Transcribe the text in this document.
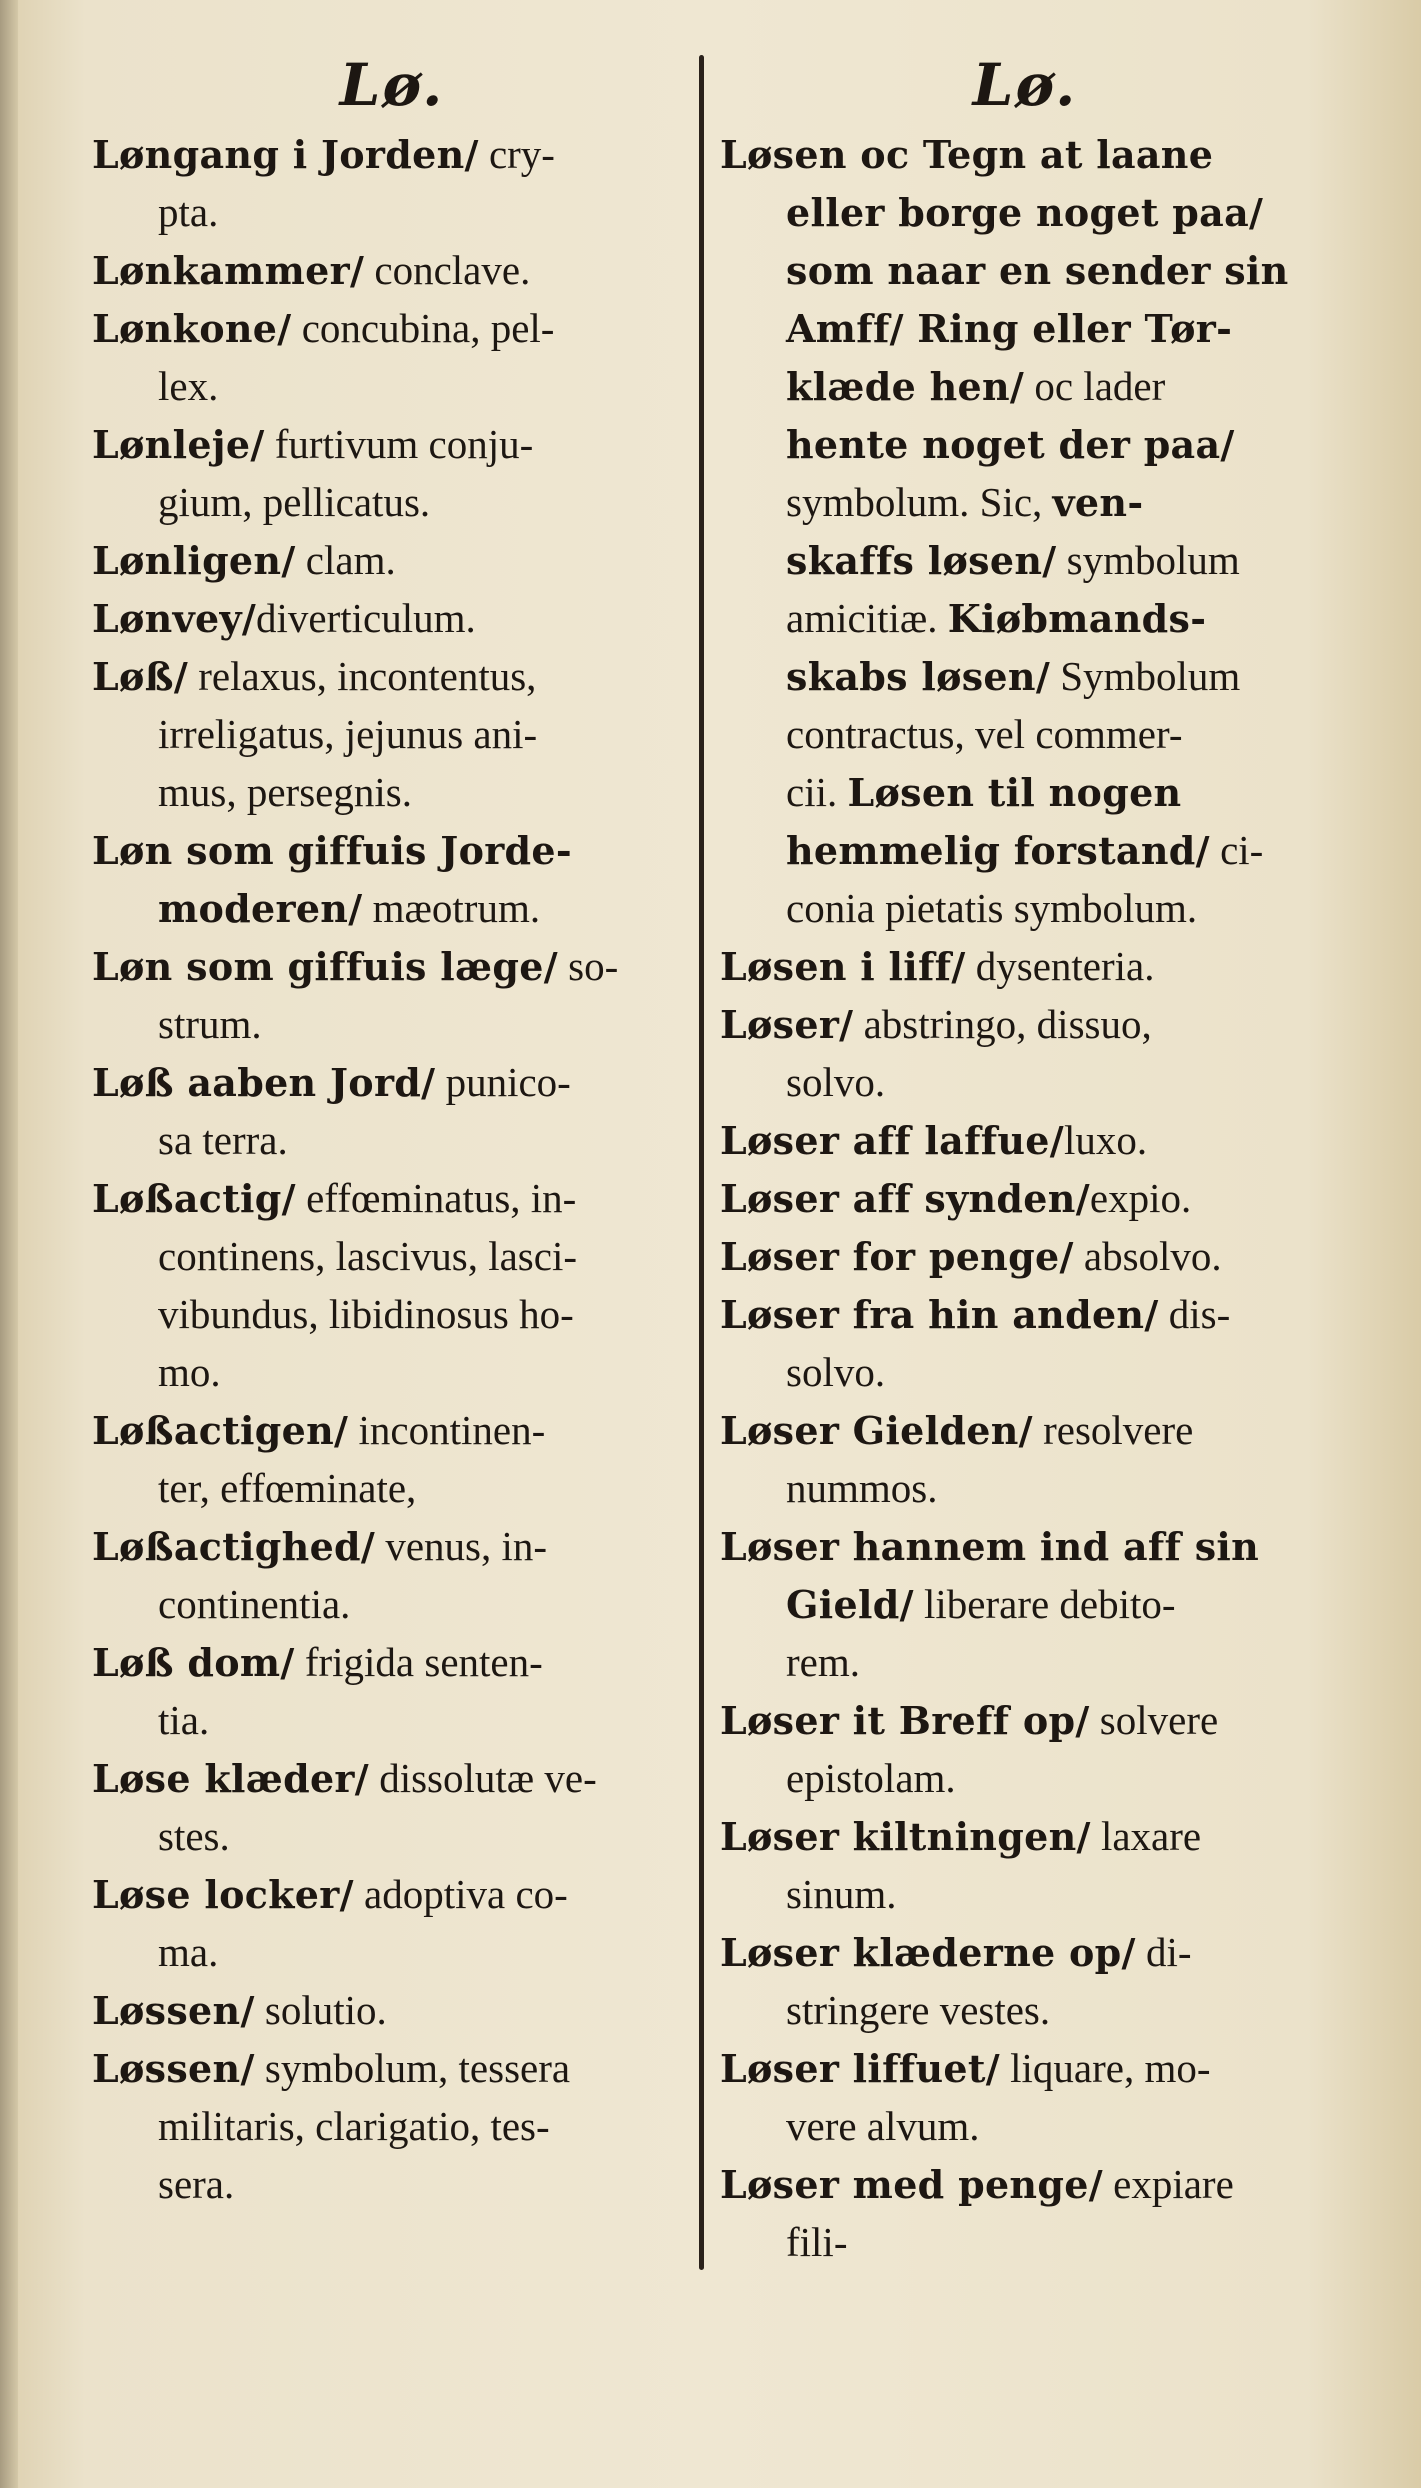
Lø.
Løngang i Jorden/ cry-
pta.
Lønkammer/ conclave.
Lønkone/ concubina, pel-
lex.
Lønleje/ furtivum conju-
gium, pellicatus.
Lønligen/ clam.
Lønvey/diverticulum.
Løß/ relaxus, incontentus,
irreligatus, jejunus ani-
mus, persegnis.
Løn som giffuis Jorde-
moderen/ mæotrum.
Løn som giffuis læge/ so-
strum.
Løß aaben Jord/ punico-
sa terra.
Løßactig/ effœminatus, in-
continens, lascivus, lasci-
vibundus, libidinosus ho-
mo.
Løßactigen/ incontinen-
ter, effœminate,
Løßactighed/ venus, in-
continentia.
Løß dom/ frigida senten-
tia.
Løse klæder/ dissolutæ ve-
stes.
Løse locker/ adoptiva co-
ma.
Løssen/ solutio.
Løssen/ symbolum, tessera
militaris, clarigatio, tes-
sera.
Lø.
Løsen oc Tegn at laane
eller borge noget paa/
som naar en sender sin
Amff/ Ring eller Tør-
klæde hen/ oc lader
hente noget der paa/
symbolum. Sic, ven-
skaffs løsen/ symbolum
amicitiæ. Kiøbmands-
skabs løsen/ Symbolum
contractus, vel commer-
cii. Løsen til nogen
hemmelig forstand/ ci-
conia pietatis symbolum.
Løsen i liff/ dysenteria.
Løser/ abstringo, dissuo,
solvo.
Løser aff laffue/luxo.
Løser aff synden/expio.
Løser for penge/ absolvo.
Løser fra hin anden/ dis-
solvo.
Løser Gielden/ resolvere
nummos.
Løser hannem ind aff sin
Gield/ liberare debito-
rem.
Løser it Breff op/ solvere
epistolam.
Løser kiltningen/ laxare
sinum.
Løser klæderne op/ di-
stringere vestes.
Løser liffuet/ liquare, mo-
vere alvum.
Løser med penge/ expiare
fili-
